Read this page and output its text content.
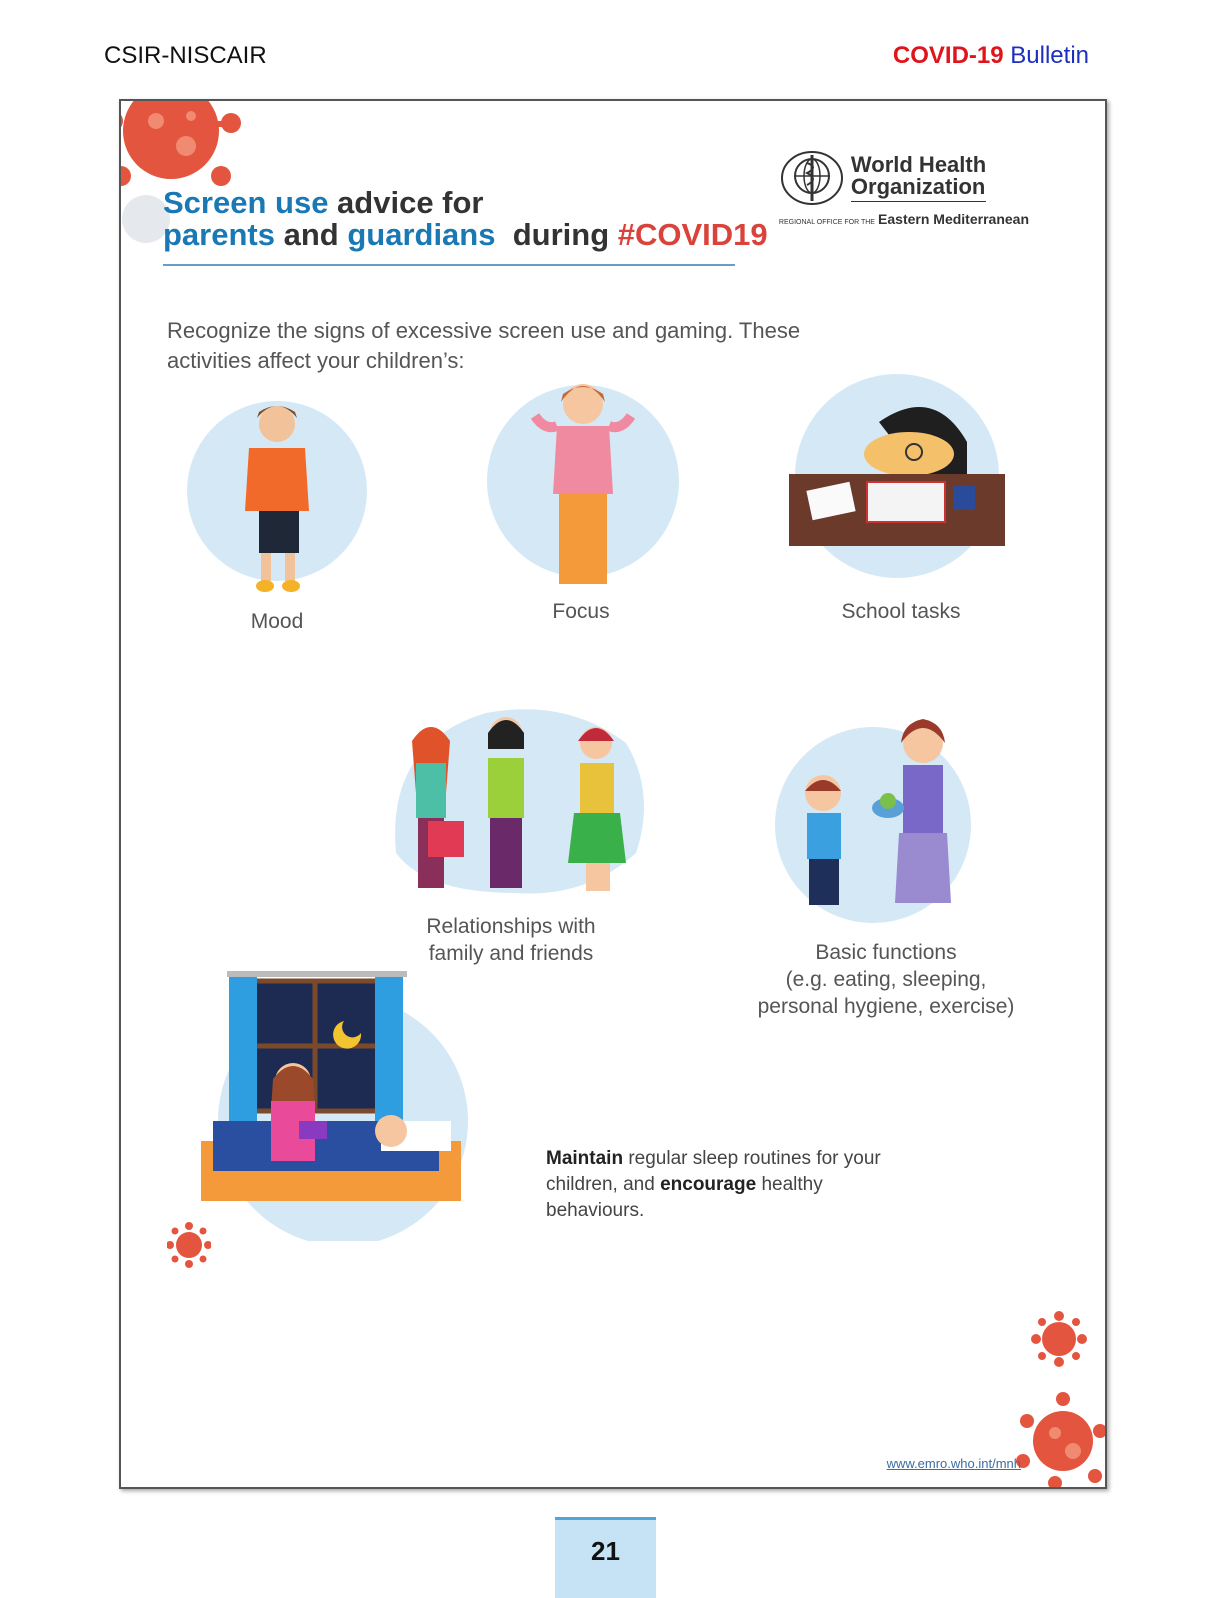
CSIR-NISCAIR	COVID-19 Bulletin
Screen use advice for
parents and guardians  during #COVID19
World Health
Organization
REGIONAL OFFICE FOR THE Eastern Mediterranean
Recognize the signs of excessive screen use and gaming. These activities affect your children’s:
Mood	Focus	School tasks
Relationships with
family and friends	Basic functions
(e.g. eating, sleeping,
personal hygiene, exercise)
Maintain regular sleep routines for your children, and encourage healthy behaviours.
www.emro.who.int/mnh
21
